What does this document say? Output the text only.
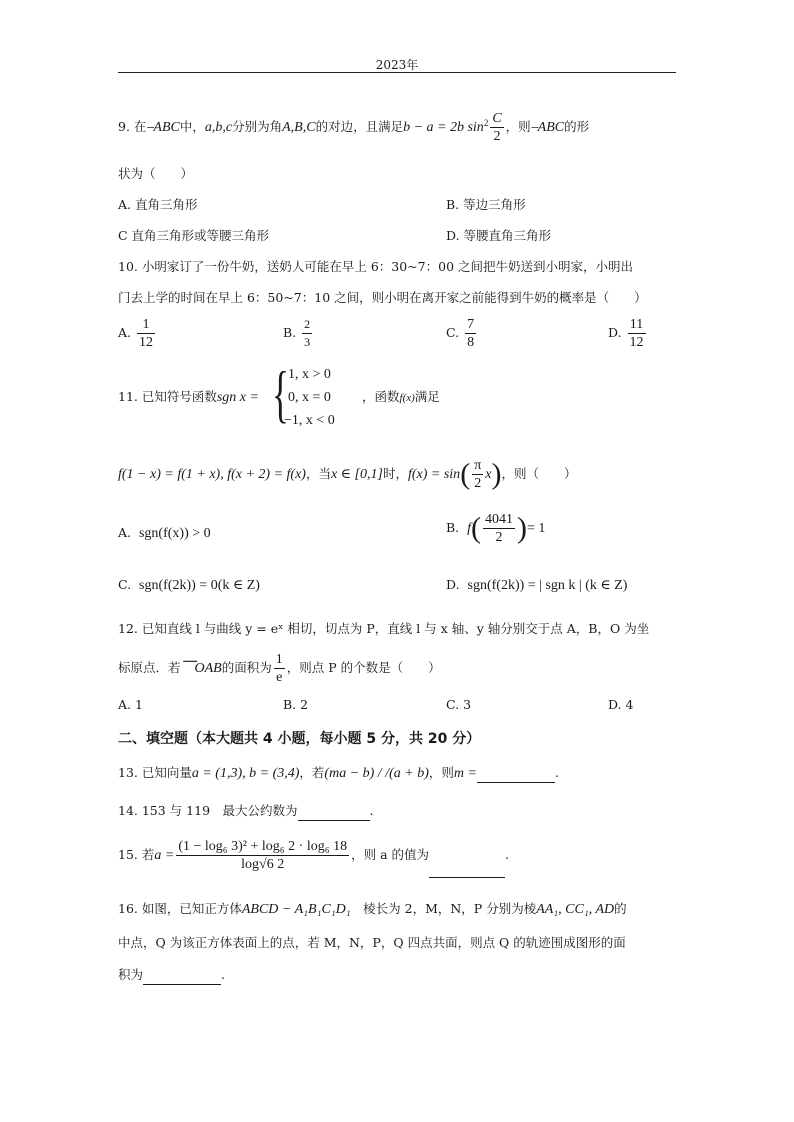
2023年
9. 在⎯ABC中，a,b,c分别为角A,B,C的对边，且满足b − a = 2b $\sin^2 \frac{C}{2}$ ，则⎯ABC的形
状为（　　）
A. 直角三角形	B. 等边三角形
C 直角三角形或等腰三角形	D. 等腰直角三角形
10. 小明家订了一份牛奶，送奶人可能在早上 6：30~7：00 之间把牛奶送到小明家，小明出
门去上学的时间在早上 6：50~7：10 之间，则小明在离开家之前能得到牛奶的概率是（　　）
A. $\frac{1}{12}$	B. $\frac{2}{3}$	C. $\frac{7}{8}$	D. $\frac{11}{12}$
11. 已知符号函数sgn x = { 1, x > 0
0, x = 0
−1, x < 0
，函数f(x)满足
f(1 − x) = f(1 + x), f(x + 2) = f(x)，当x ∈ [0,1]时，$f(x) = \sin( \frac{\pi}{2} x)$，则（　　）
A. sgn(f(x)) > 0	B. $f( \frac{4041}{2}$ )= 1
C. sgn(f(2k)) = 0(k ∈ Z)	D. sgn(f(2k)) = | sgn k | (k ∈ Z)
12. 已知直线 l 与曲线 y = eˣ 相切，切点为 P，直线 l 与 x 轴、y 轴分别交于点 A，B，O 为坐
标原点．若⎺OAB的面积为 $\frac{1}{e}$ ，则点 P 的个数是（　　）
A. 1	B. 2	C. 3	D. 4
二、填空题（本大题共 4 小题，每小题 5 分，共 20 分）
13. 已知向量a = (1,3), b = (3,4)，若(ma − b) / /(a + b)，则m =	.
14. 153 与 119　最大公约数为	.
15. 若$a = \frac{\text{(1 − log₆ 3)² + log₆ 2 · log₆ 18}}{\log√6 2}$ ，则 a 的值为	.
16. 如图，已知正方体ABCD − A₁B₁C₁D₁　棱长为 2，M，N，P 分别为棱AA₁, CC₁, AD的
中点，Q 为该正方体表面上的点，若 M，N，P，Q 四点共面，则点 Q 的轨迹围成图形的面
积为	.
